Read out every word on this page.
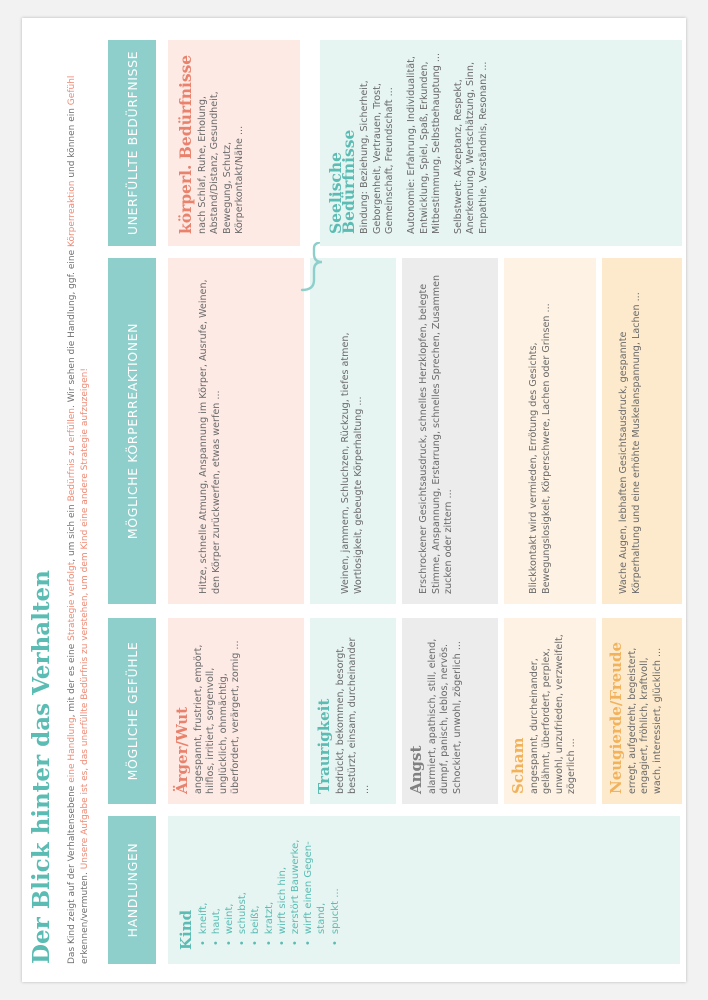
Der Blick hinter das Verhalten Das Kind zeigt auf der Verhaltensebene eine Handlung, mit der es eine Strategie verfolgt, um sich ein Bedürfnis zu erfüllen. Wir sehen die Handlung, ggf. eine Körperreaktion und können ein Gefühl erkennen/vermuten. Unsere Aufgabe ist es, das unerfüllte Bedürfnis zu verstehen, um dem Kind eine andere Strategie aufzuzeigen!
HANDLUNGEN
MÖGLICHE GEFÜHLE
MÖGLICHE KÖRPERREAKTIONEN
UNERFÜLLTE BEDÜRFNISSE
Kind • kneift, • haut, • weint, • schubst, • beißt, • kratzt, • wirft sich hin, • zerstört Bauwerke, • wirft einen Gegen-stand, • spuckt ...
Ärger/Wut angespannt, frustriert, empört, hilflos, irritiert, sorgenvoll, unglücklich, ohnmächtig, überfordert, verärgert, zornig ...
Hitze, schnelle Atmung, Anspannung im Körper, Ausrufe, Weinen, den Körper zurückwerfen, etwas werfen ...
Traurigkeit bedrückt, bekommen, besorgt, bestürzt, einsam, durcheinander ...
Weinen, jammern, Schluchzen, Rückzug, tiefes atmen, Wortlosigkeit, gebeugte Körperhaltung ...
Angst alarmiert, apathisch, still, elend, dumpf, panisch, leblos, nervös. Schockiert, unwohl, zögerlich ...
Erschrockener Gesichtsausdruck, schnelles Herzklopfen, belegte Stimme, Anspannung, Erstarrung, schnelles Sprechen, Zusammen zucken oder zittern ...
Scham angespannt, durcheinander, gelähmt, überfordert, perplex, unwohl, unzufrieden, verzweifelt, zögerlich ...
Blickkontakt wird vermieden, Errötung des Gesichts, Bewegungslosigkeit, Körperschwere, Lachen oder Grinsen ...
Neugierde/Freude erregt, aufgedreht, begeistert, engagiert, fröhlich, kraftvoll, wach, interessiert, glücklich ...
Wache Augen, lebhaften Gesichtsausdruck, gespannte Körperhaltung und eine erhöhte Muskelanspannung, Lachen ...
körperl. Bedürfnisse nach Schlaf, Ruhe, Erholung, Abstand/Distanz, Gesundheit, Bewegung, Schutz, Körperkontakt/Nähe ...	Seelische Bedürfnisse Bindung: Beziehung, Sicherheit, Geborgenheit, Vertrauen, Trost, Gemeinschaft, Freundschaft ... Autonomie: Erfahrung, Individualität, Entwicklung, Spiel, Spaß, Erkunden, Mitbestimmung, Selbstbehauptung ... Selbstwert: Akzeptanz, Respekt, Anerkennung, Wertschätzung, Sinn, Empathie, Verständnis, Resonanz ...
